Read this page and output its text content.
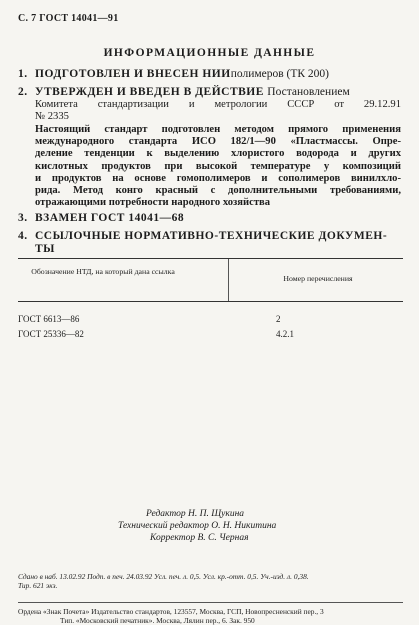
С. 7 ГОСТ 14041—91
ИНФОРМАЦИОННЫЕ ДАННЫЕ
1. ПОДГОТОВЛЕН И ВНЕСЕН НИИполимеров (ТК 200)
2. УТВЕРЖДЕН И ВВЕДЕН В ДЕЙСТВИЕ Постановлением
Комитета стандартизации и метрологии СССР от 29.12.91
№ 2335
Настоящий стандарт подготовлен методом прямого применения
международного стандарта ИСО 182/1—90 «Пластмассы. Опре-
деление тенденции к выделению хлористого водорода и других
кислотных продуктов при высокой температуре у композиций
и продуктов на основе гомополимеров и сополимеров винилхло-
рида. Метод конго красный с дополнительными требованиями,
отражающими потребности народного хозяйства
3. ВЗАМЕН ГОСТ 14041—68
4. ССЫЛОЧНЫЕ НОРМАТИВНО-ТЕХНИЧЕСКИЕ ДОКУМЕН-
ТЫ
Обозначение НТД, на который дана ссылка
Номер перечисления
ГОСТ 6613—86	2
ГОСТ 25336—82	4.2.1
Редактор Н. П. Щукина
Технический редактор О. Н. Никитина
Корректор В. С. Черная
Сдано в наб. 13.02.92 Подп. в печ. 24.03.92 Усл. печ. л. 0,5. Усл. кр.-отт. 0,5. Уч.-изд. л. 0,38.
Тир. 621 экз.
Ордена «Знак Почета» Издательство стандартов, 123557, Москва, ГСП, Новопресненский пер., 3
Тип. «Московский печатник». Москва, Лялин пер., 6. Зак. 950
